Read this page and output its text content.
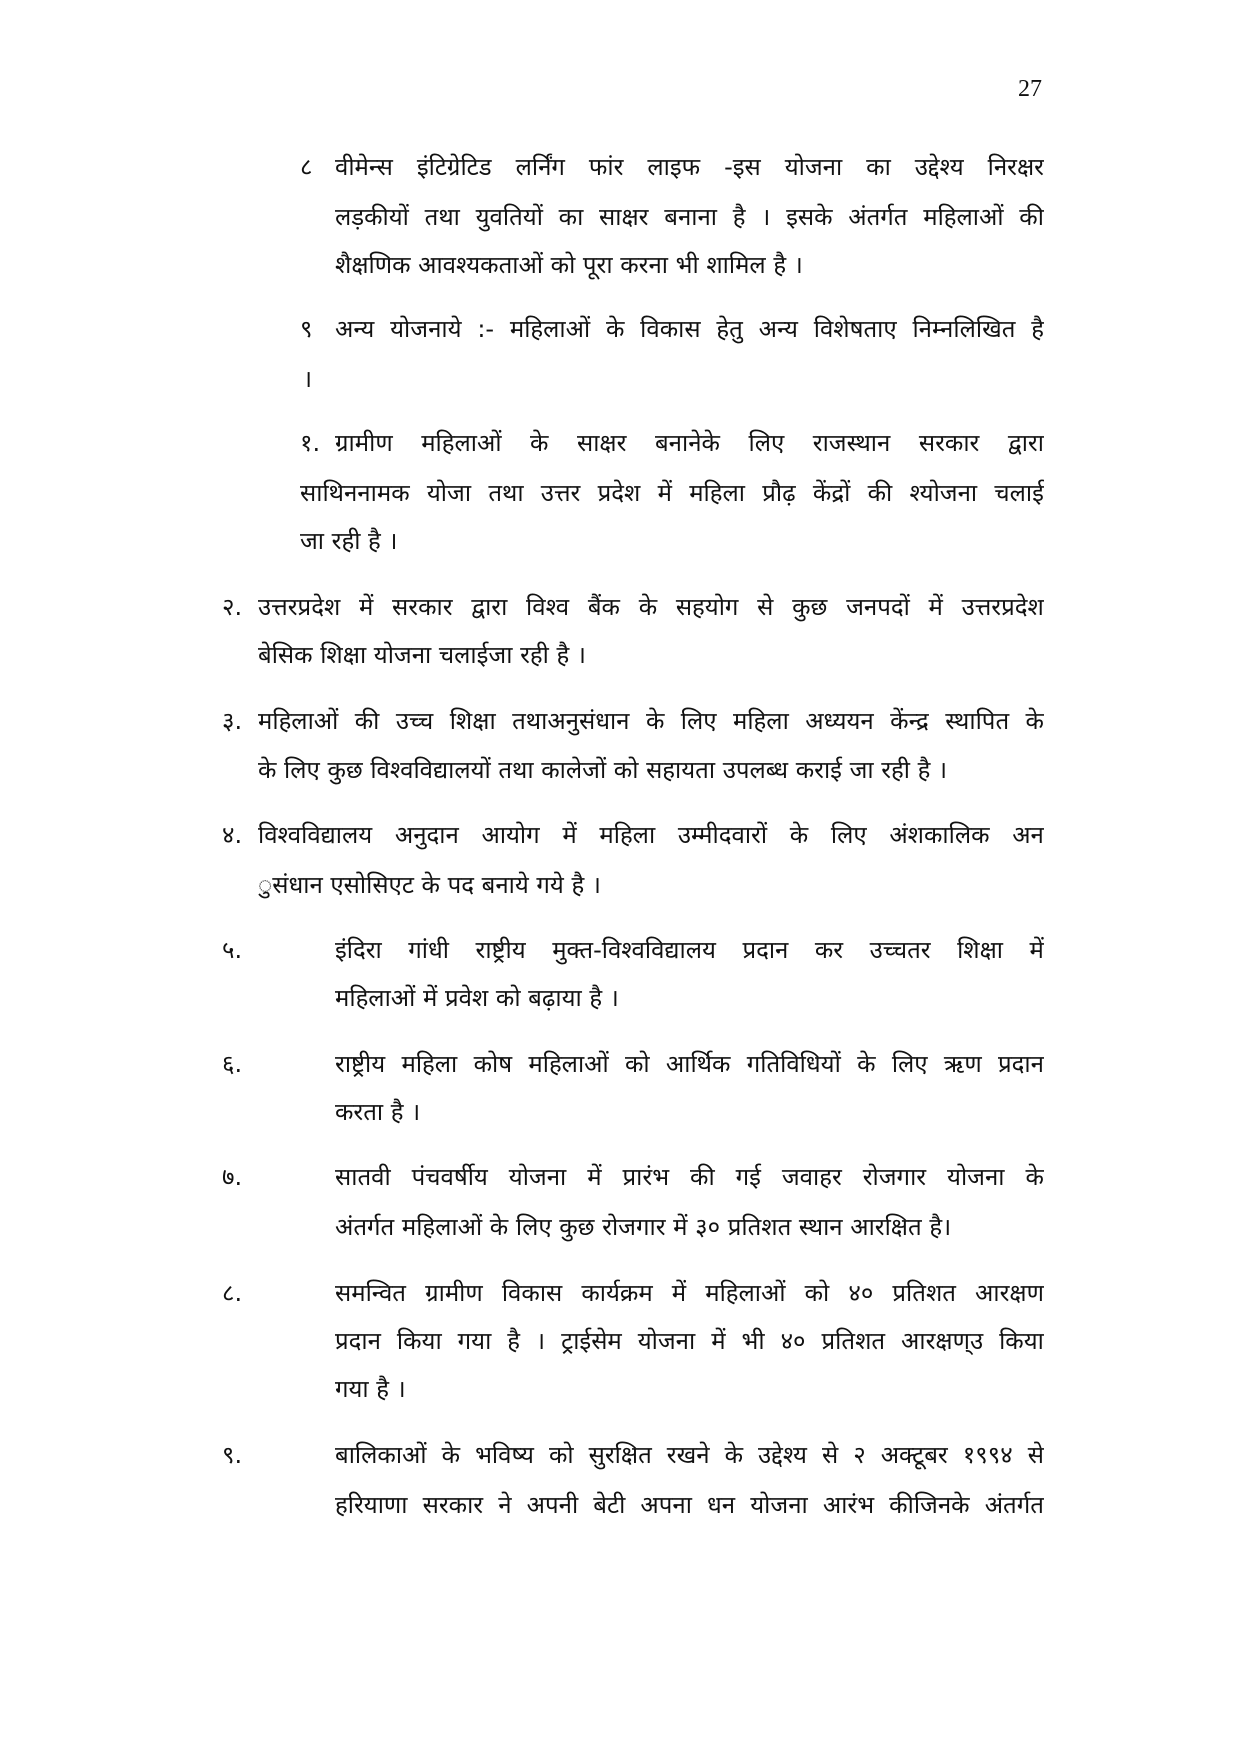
27
८ वीमेन्स इंटिग्रेटिड लर्निंग फांर लाइफ -इस योजना का उद्देश्य निरक्षर
लड़कीयों तथा युवतियों का साक्षर बनाना है । इसके अंतर्गत महिलाओं की
शैक्षणिक आवश्यकताओं को पूरा करना भी शामिल है ।
९ अन्य योजनाये :- महिलाओं के विकास हेतु अन्य विशेषताए निम्नलिखित है
।
१. ग्रामीण महिलाओं के साक्षर बनानेके लिए राजस्थान सरकार द्वारा
साथिननामक योजा तथा उत्तर प्रदेश में महिला प्रौढ़ केंद्रों की श्योजना चलाई
जा रही है ।
२. उत्तरप्रदेश में सरकार द्वारा विश्व बैंक के सहयोग से कुछ जनपदों में उत्तरप्रदेश
बेसिक शिक्षा योजना चलाईजा रही है ।
३. महिलाओं की उच्च शिक्षा तथाअनुसंधान के लिए महिला अध्ययन केंन्द्र स्थापित के
के लिए कुछ विश्वविद्यालयों तथा कालेजों को सहायता उपलब्ध कराई जा रही है ।
४. विश्वविद्यालय अनुदान आयोग में महिला उम्मीदवारों के लिए अंशकालिक अन
ुसंधान एसोसिएट के पद बनाये गये है ।
५.	इंदिरा गांधी राष्ट्रीय मुक्त-विश्वविद्यालय प्रदान कर उच्चतर शिक्षा में
महिलाओं में प्रवेश को बढ़ाया है ।
६.	राष्ट्रीय महिला कोष महिलाओं को आर्थिक गतिविधियों के लिए ऋण प्रदान
करता है ।
७.	सातवी पंचवर्षीय योजना में प्रारंभ की गई जवाहर रोजगार योजना के
अंतर्गत महिलाओं के लिए कुछ रोजगार में ३० प्रतिशत स्थान आरक्षित है।
८.	समन्वित ग्रामीण विकास कार्यक्रम में महिलाओं को ४० प्रतिशत आरक्षण
प्रदान किया गया है । ट्राईसेम योजना में भी ४० प्रतिशत आरक्षण्उ किया
गया है ।
९.	बालिकाओं के भविष्य को सुरक्षित रखने के उद्देश्य से २ अक्टूबर १९९४ से
हरियाणा सरकार ने अपनी बेटी अपना धन योजना आरंभ कीजिनके अंतर्गत
